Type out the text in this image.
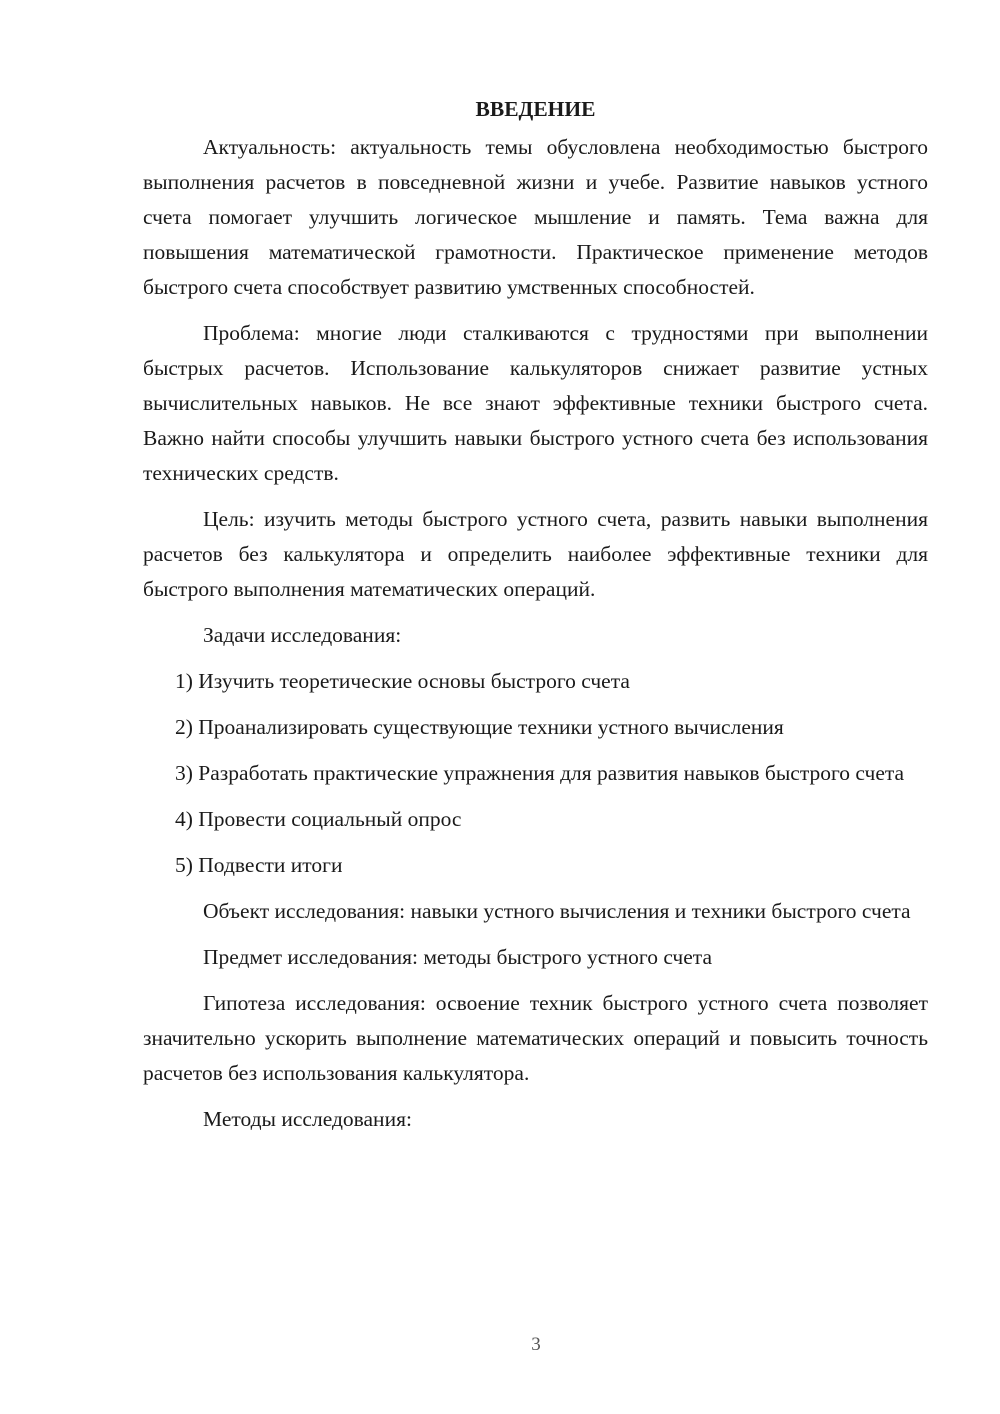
ВВЕДЕНИЕ

Актуальность: актуальность темы обусловлена необходимостью быстрого выполнения расчетов в повседневной жизни и учебе. Развитие навыков устного счета помогает улучшить логическое мышление и память. Тема важна для повышения математической грамотности. Практическое применение методов быстрого счета способствует развитию умственных способностей.

Проблема: многие люди сталкиваются с трудностями при выполнении быстрых расчетов. Использование калькуляторов снижает развитие устных вычислительных навыков. Не все знают эффективные техники быстрого счета. Важно найти способы улучшить навыки быстрого устного счета без использования технических средств.

Цель: изучить методы быстрого устного счета, развить навыки выполнения расчетов без калькулятора и определить наиболее эффективные техники для быстрого выполнения математических операций.

Задачи исследования:

1) Изучить теоретические основы быстрого счета

2) Проанализировать существующие техники устного вычисления

3) Разработать практические упражнения для развития навыков быстрого счета

4) Провести социальный опрос

5) Подвести итоги

Объект исследования: навыки устного вычисления и техники быстрого счета

Предмет исследования: методы быстрого устного счета

Гипотеза исследования: освоение техник быстрого устного счета позволяет значительно ускорить выполнение математических операций и повысить точность расчетов без использования калькулятора.

Методы исследования:

3
